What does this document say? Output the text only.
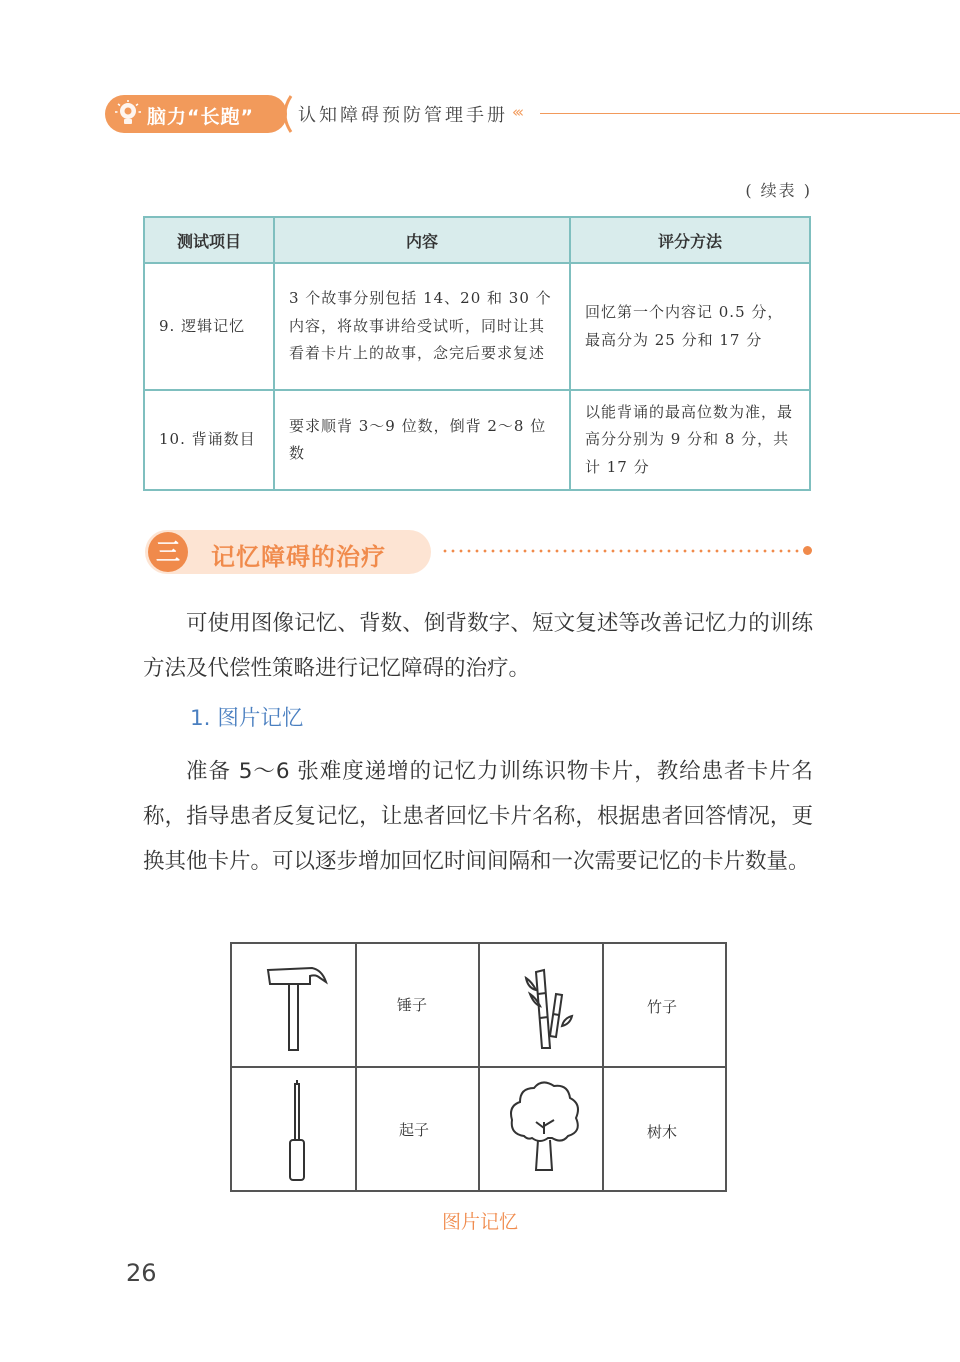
脑力“长跑” 认知障碍预防管理手册 ‹‹‹
( 续表 )
测试项目	内容	评分方法
9. 逻辑记忆	3 个故事分别包括 14、20 和 30 个内容，将故事讲给受试听，同时让其看着卡片上的故事，念完后要求复述	回忆第一个内容记 0.5 分，最高分为 25 分和 17 分
10. 背诵数目	要求顺背 3～9 位数，倒背 2～8 位数	以能背诵的最高位数为准，最高分分别为 9 分和 8 分，共计 17 分
三	记忆障碍的治疗
可使用图像记忆、背数、倒背数字、短文复述等改善记忆力的训练方法及代偿性策略进行记忆障碍的治疗。
1. 图片记忆
准备 5～6 张难度递增的记忆力训练识物卡片，教给患者卡片名称，指导患者反复记忆，让患者回忆卡片名称，根据患者回答情况，更换其他卡片。可以逐步增加回忆时间间隔和一次需要记忆的卡片数量。
锤子	竹子
起子	树木
图片记忆
26
